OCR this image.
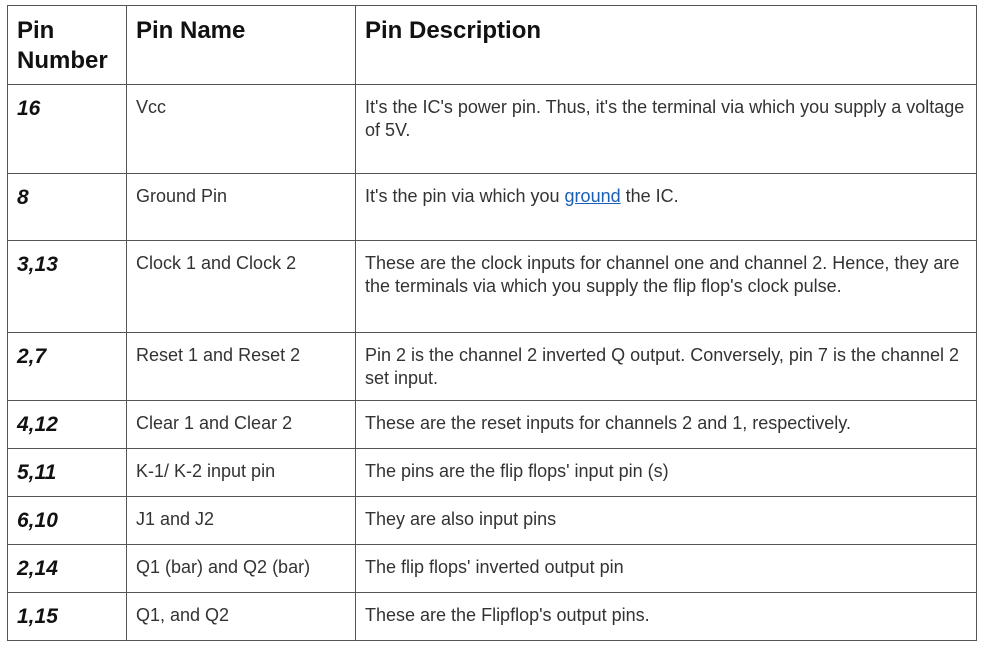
Pin Number	Pin Name	Pin Description
16	Vcc	It's the IC's power pin. Thus, it's the terminal via which you supply a voltage of 5V.
8	Ground Pin	It's the pin via which you ground the IC.
3,13	Clock 1 and Clock 2	These are the clock inputs for channel one and channel 2. Hence, they are the terminals via which you supply the flip flop's clock pulse.
2,7	Reset 1 and Reset 2	Pin 2 is the channel 2 inverted Q output. Conversely, pin 7 is the channel 2 set input.
4,12	Clear 1 and Clear 2	These are the reset inputs for channels 2 and 1, respectively.
5,11	K-1/ K-2 input pin	The pins are the flip flops' input pin (s)
6,10	J1 and J2	They are also input pins
2,14	Q1 (bar) and Q2 (bar)	The flip flops' inverted output pin
1,15	Q1, and Q2	These are the Flipflop's output pins.
